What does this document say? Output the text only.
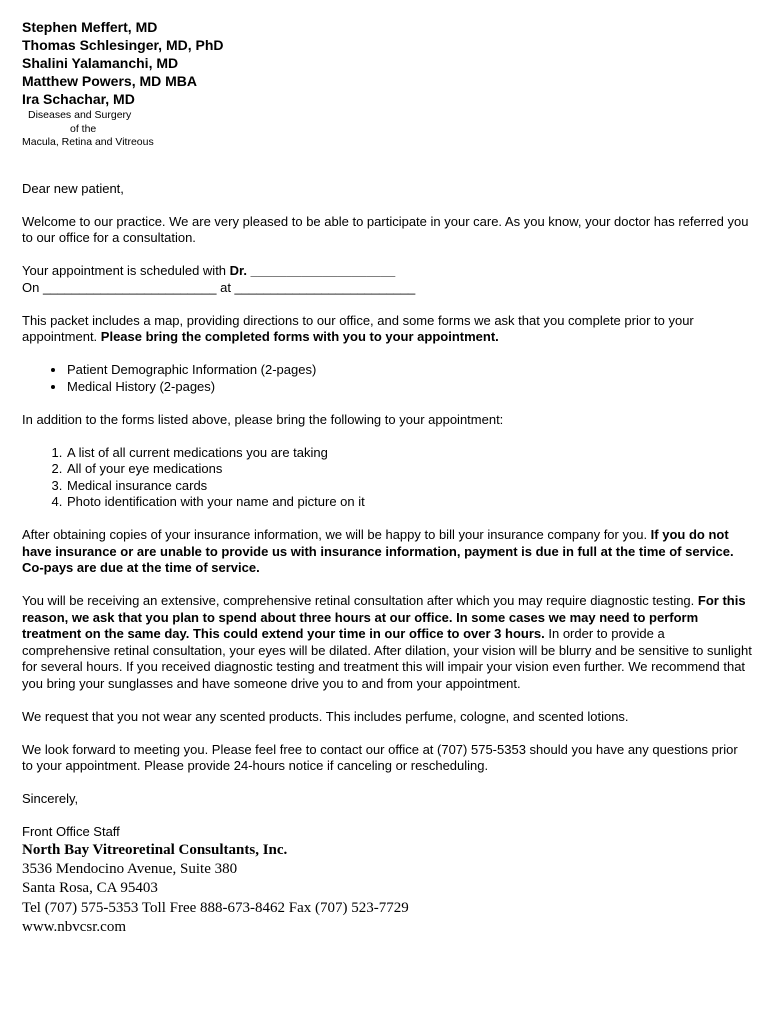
Stephen Meffert, MD
Thomas Schlesinger, MD, PhD
Shalini Yalamanchi, MD
Matthew Powers, MD MBA
Ira Schachar, MD
Diseases and Surgery
of the
Macula, Retina and Vitreous

Dear new patient,

Welcome to our practice. We are very pleased to be able to participate in your care. As you know, your doctor has referred you to our office for a consultation.

Your appointment is scheduled with Dr. ____________________
On ________________________ at _________________________

This packet includes a map, providing directions to our office, and some forms we ask that you complete prior to your appointment. Please bring the completed forms with you to your appointment.

• Patient Demographic Information (2-pages)
• Medical History (2-pages)

In addition to the forms listed above, please bring the following to your appointment:

1. A list of all current medications you are taking
2. All of your eye medications
3. Medical insurance cards
4. Photo identification with your name and picture on it

After obtaining copies of your insurance information, we will be happy to bill your insurance company for you. If you do not have insurance or are unable to provide us with insurance information, payment is due in full at the time of service. Co-pays are due at the time of service.

You will be receiving an extensive, comprehensive retinal consultation after which you may require diagnostic testing. For this reason, we ask that you plan to spend about three hours at our office. In some cases we may need to perform treatment on the same day. This could extend your time in our office to over 3 hours. In order to provide a comprehensive retinal consultation, your eyes will be dilated. After dilation, your vision will be blurry and be sensitive to sunlight for several hours. If you received diagnostic testing and treatment this will impair your vision even further. We recommend that you bring your sunglasses and have someone drive you to and from your appointment.

We request that you not wear any scented products. This includes perfume, cologne, and scented lotions.

We look forward to meeting you. Please feel free to contact our office at (707) 575-5353 should you have any questions prior to your appointment. Please provide 24-hours notice if canceling or rescheduling.

Sincerely,

Front Office Staff

North Bay Vitreoretinal Consultants, Inc.
3536 Mendocino Avenue, Suite 380
Santa Rosa, CA 95403
Tel (707) 575-5353 Toll Free 888-673-8462 Fax (707) 523-7729
www.nbvcsr.com
